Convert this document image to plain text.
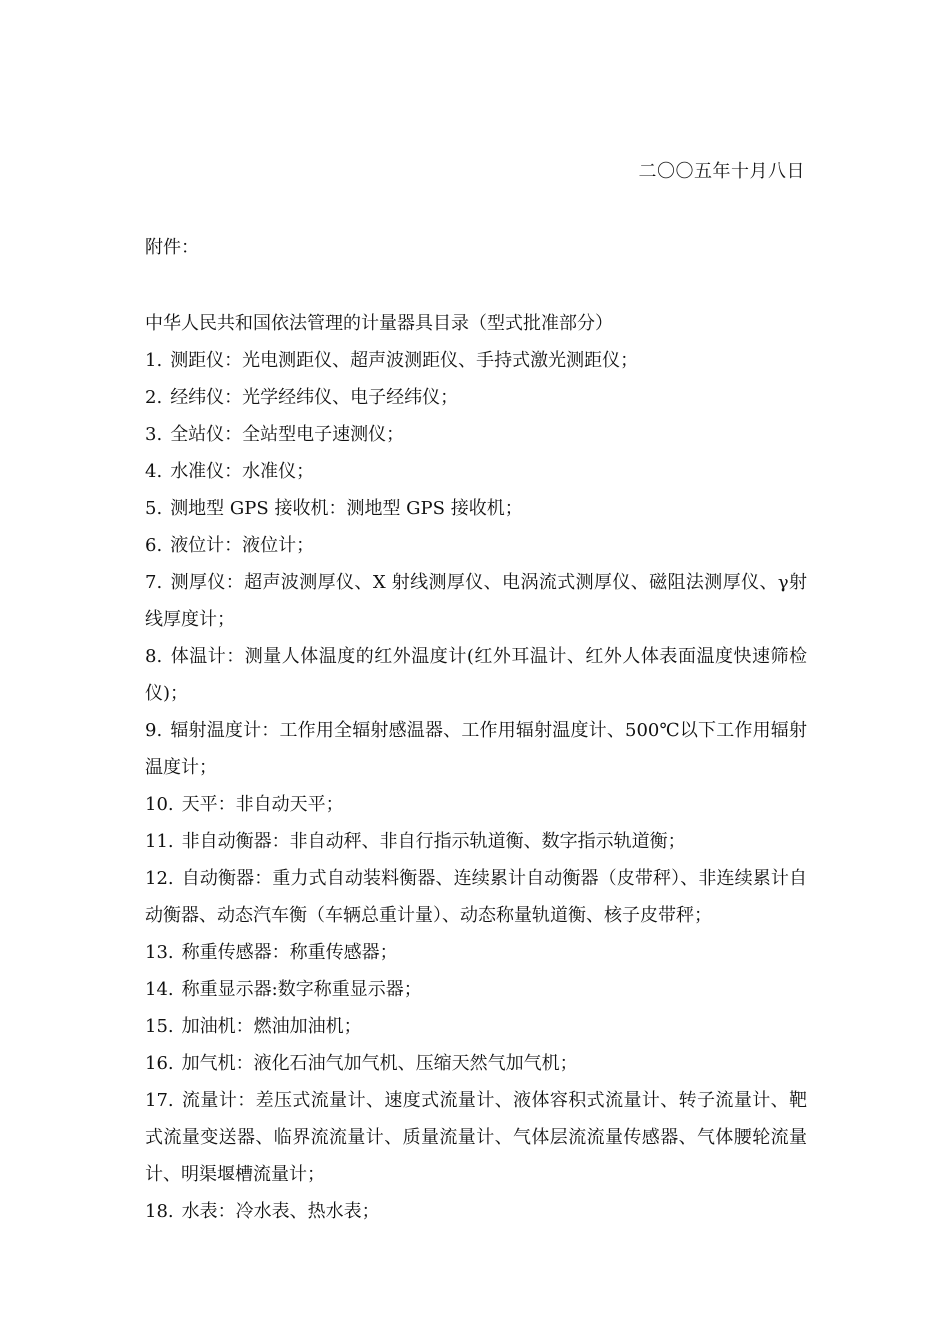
二〇〇五年十月八日
附件：

中华人民共和国依法管理的计量器具目录（型式批准部分）

1. 测距仪：光电测距仪、超声波测距仪、手持式激光测距仪；

2. 经纬仪：光学经纬仪、电子经纬仪；

3. 全站仪：全站型电子速测仪；

4. 水准仪：水准仪；

5. 测地型 GPS 接收机：测地型 GPS 接收机；

6. 液位计：液位计；

7. 测厚仪：超声波测厚仪、X 射线测厚仪、电涡流式测厚仪、磁阻法测厚仪、γ射线厚度计；

8. 体温计：测量人体温度的红外温度计(红外耳温计、红外人体表面温度快速筛检仪)；

9. 辐射温度计：工作用全辐射感温器、工作用辐射温度计、500℃以下工作用辐射温度计；

10. 天平：非自动天平；

11. 非自动衡器：非自动秤、非自行指示轨道衡、数字指示轨道衡；

12. 自动衡器：重力式自动装料衡器、连续累计自动衡器（皮带秤）、非连续累计自动衡器、动态汽车衡（车辆总重计量）、动态称量轨道衡、核子皮带秤；

13. 称重传感器：称重传感器；

14. 称重显示器:数字称重显示器；

15. 加油机：燃油加油机；

16. 加气机：液化石油气加气机、压缩天然气加气机；

17. 流量计：差压式流量计、速度式流量计、液体容积式流量计、转子流量计、靶式流量变送器、临界流流量计、质量流量计、气体层流流量传感器、气体腰轮流量计、明渠堰槽流量计；

18. 水表：冷水表、热水表；
